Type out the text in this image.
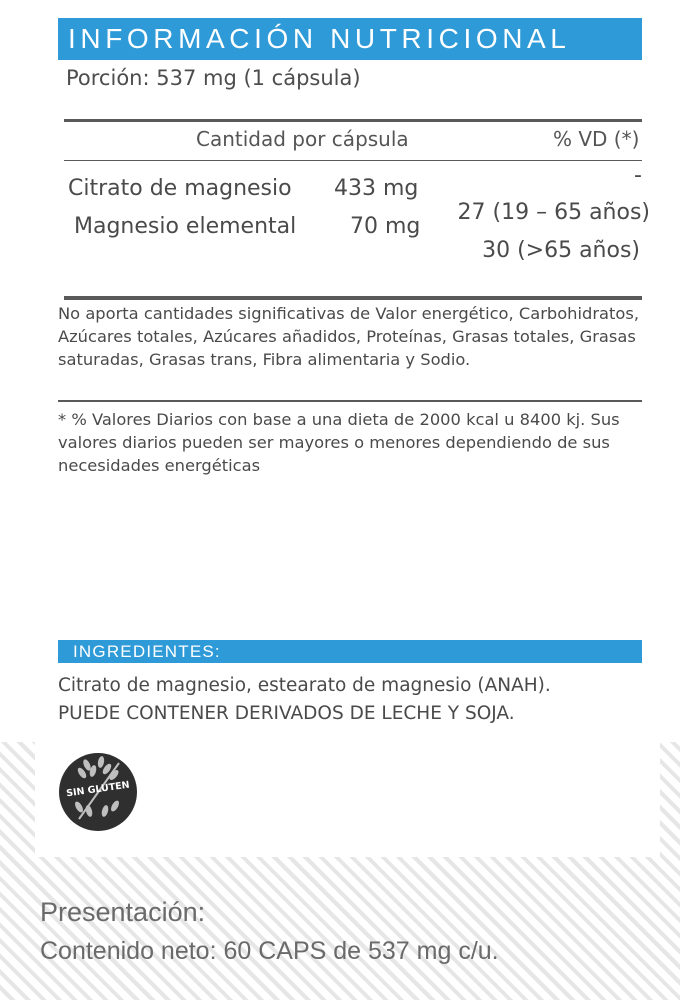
INFORMACIÓN NUTRICIONAL
Porción: 537 mg (1 cápsula)
Cantidad por cápsula	% VD (*)
Citrato de magnesio 433 mg
Magnesio elemental 70 mg
-
27 (19 – 65 años)
30 (>65 años)
No aporta cantidades significativas de Valor energético, Carbohidratos, Azúcares totales, Azúcares añadidos, Proteínas, Grasas totales, Grasas saturadas, Grasas trans, Fibra alimentaria y Sodio.
* % Valores Diarios con base a una dieta de 2000 kcal u 8400 kj. Sus valores diarios pueden ser mayores o menores dependiendo de sus necesidades energéticas
INGREDIENTES:
Citrato de magnesio, estearato de magnesio (ANAH).
PUEDE CONTENER DERIVADOS DE LECHE Y SOJA.
SIN GLUTEN
Presentación:
Contenido neto: 60 CAPS de 537 mg c/u.
